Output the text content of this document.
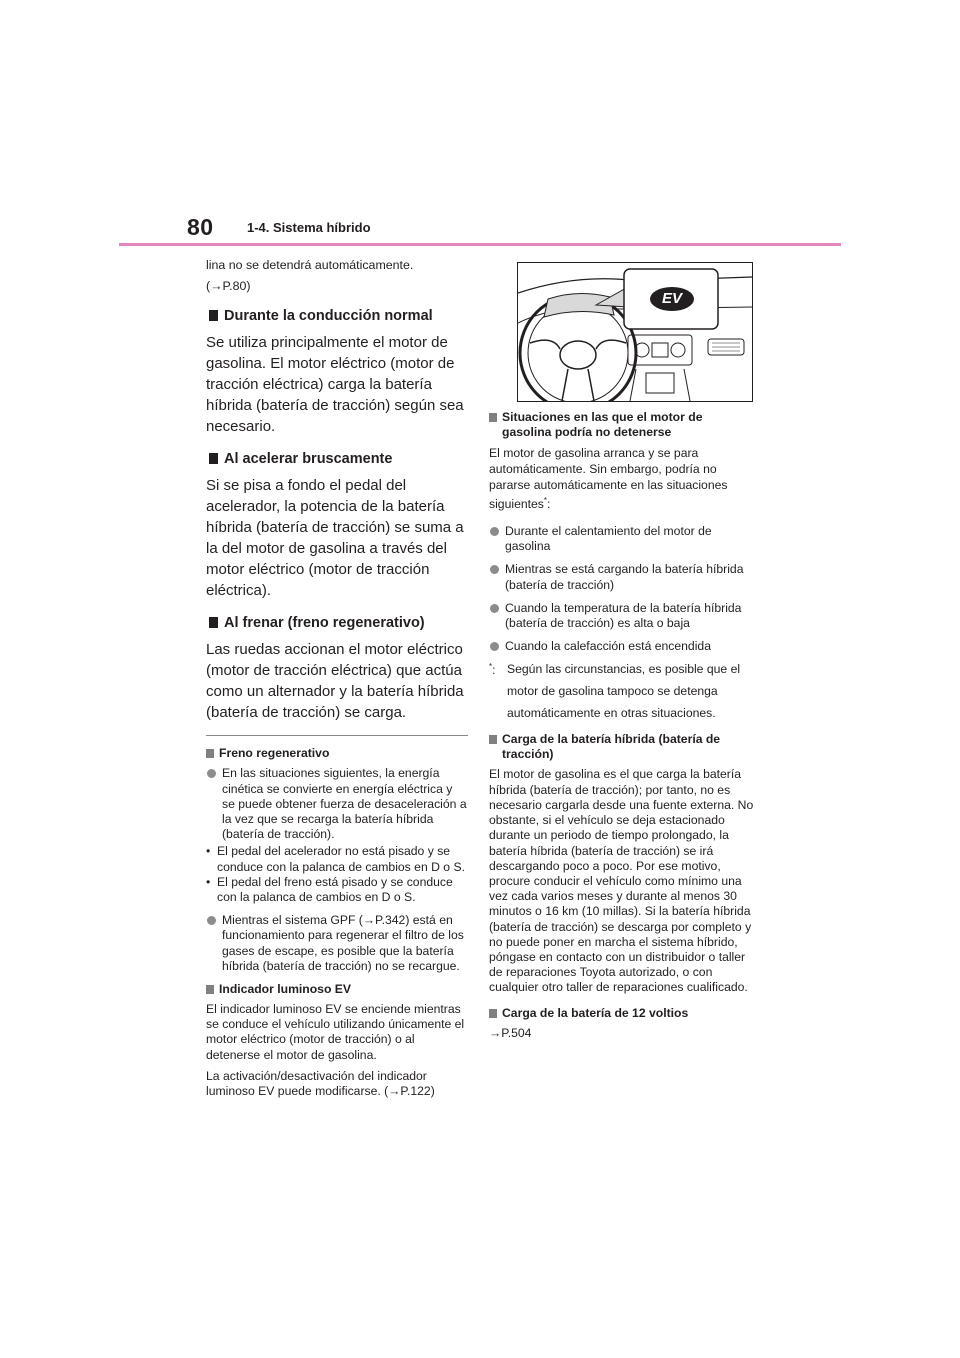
80	1-4. Sistema híbrido
lina no se detendrá automáticamente.
(→P.80)
Durante la conducción normal
Se utiliza principalmente el motor de gasolina. El motor eléctrico (motor de tracción eléctrica) carga la batería híbrida (batería de tracción) según sea necesario.
Al acelerar bruscamente
Si se pisa a fondo el pedal del acelerador, la potencia de la batería híbrida (batería de tracción) se suma a la del motor de gasolina a través del motor eléctrico (motor de tracción eléctrica).
Al frenar (freno regenerativo)
Las ruedas accionan el motor eléctrico (motor de tracción eléctrica) que actúa como un alternador y la batería híbrida (batería de tracción) se carga.
Freno regenerativo
En las situaciones siguientes, la energía cinética se convierte en energía eléctrica y se puede obtener fuerza de desaceleración a la vez que se recarga la batería híbrida (batería de tracción).
• El pedal del acelerador no está pisado y se conduce con la palanca de cambios en D o S.
• El pedal del freno está pisado y se conduce con la palanca de cambios en D o S.
Mientras el sistema GPF (→P.342) está en funcionamiento para regenerar el filtro de los gases de escape, es posible que la batería híbrida (batería de tracción) no se recargue.
Indicador luminoso EV
El indicador luminoso EV se enciende mientras se conduce el vehículo utilizando únicamente el motor eléctrico (motor de tracción) o al detenerse el motor de gasolina.
La activación/desactivación del indicador luminoso EV puede modificarse. (→P.122)
EV
Situaciones en las que el motor de gasolina podría no detenerse
El motor de gasolina arranca y se para automáticamente. Sin embargo, podría no pararse automáticamente en las situaciones siguientes*:
Durante el calentamiento del motor de gasolina
Mientras se está cargando la batería híbrida (batería de tracción)
Cuando la temperatura de la batería híbrida (batería de tracción) es alta o baja
Cuando la calefacción está encendida
*: Según las circunstancias, es posible que el motor de gasolina tampoco se detenga automáticamente en otras situaciones.
Carga de la batería híbrida (batería de tracción)
El motor de gasolina es el que carga la batería híbrida (batería de tracción); por tanto, no es necesario cargarla desde una fuente externa. No obstante, si el vehículo se deja estacionado durante un periodo de tiempo prolongado, la batería híbrida (batería de tracción) se irá descargando poco a poco. Por ese motivo, procure conducir el vehículo como mínimo una vez cada varios meses y durante al menos 30 minutos o 16 km (10 millas). Si la batería híbrida (batería de tracción) se descarga por completo y no puede poner en marcha el sistema híbrido, póngase en contacto con un distribuidor o taller de reparaciones Toyota autorizado, o con cualquier otro taller de reparaciones cualificado.
Carga de la batería de 12 voltios
→P.504
